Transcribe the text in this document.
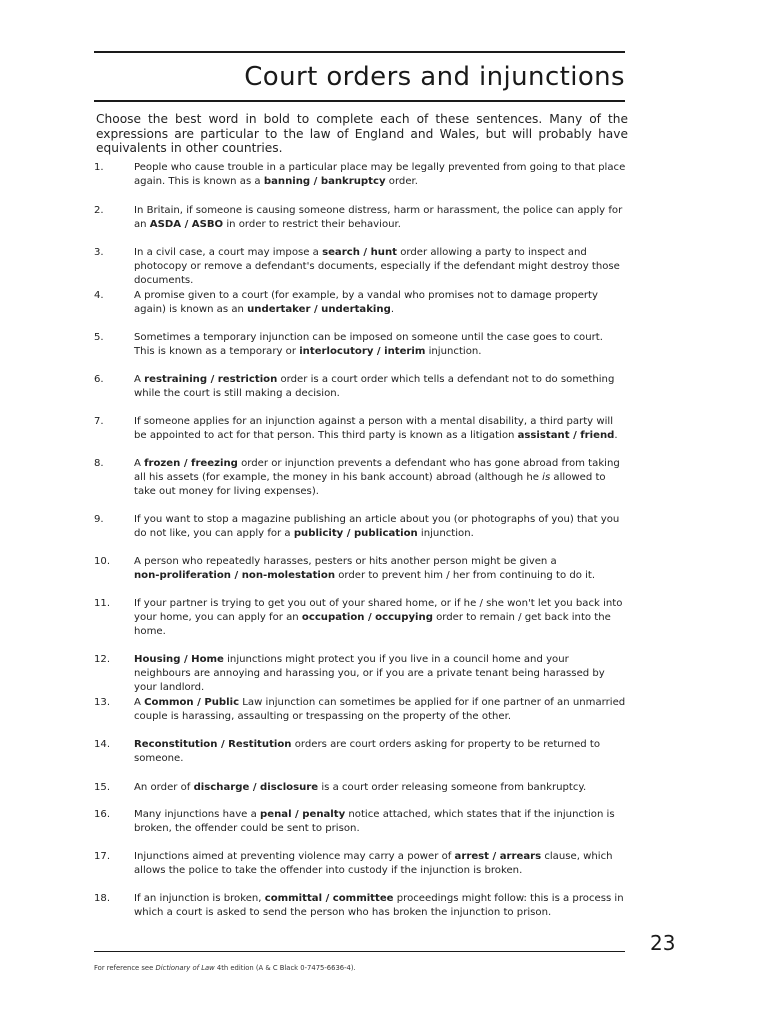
Court orders and injunctions

Choose the best word in bold to complete each of these sentences. Many of the expressions are particular to the law of England and Wales, but will probably have equivalents in other countries.

1.	People who cause trouble in a particular place may be legally prevented from going to that place again. This is known as a banning / bankruptcy order.
2.	In Britain, if someone is causing someone distress, harm or harassment, the police can apply for an ASDA / ASBO in order to restrict their behaviour.
3.	In a civil case, a court may impose a search / hunt order allowing a party to inspect and photocopy or remove a defendant's documents, especially if the defendant might destroy those documents.
4.	A promise given to a court (for example, by a vandal who promises not to damage property again) is known as an undertaker / undertaking.
5.	Sometimes a temporary injunction can be imposed on someone until the case goes to court. This is known as a temporary or interlocutory / interim injunction.
6.	A restraining / restriction order is a court order which tells a defendant not to do something while the court is still making a decision.
7.	If someone applies for an injunction against a person with a mental disability, a third party will be appointed to act for that person. This third party is known as a litigation assistant / friend.
8.	A frozen / freezing order or injunction prevents a defendant who has gone abroad from taking all his assets (for example, the money in his bank account) abroad (although he is allowed to take out money for living expenses).
9.	If you want to stop a magazine publishing an article about you (or photographs of you) that you do not like, you can apply for a publicity / publication injunction.
10. A person who repeatedly harasses, pesters or hits another person might be given a
non-proliferation / non-molestation order to prevent him / her from continuing to do it.
11. If your partner is trying to get you out of your shared home, or if he / she won't let you back into your home, you can apply for an occupation / occupying order to remain / get back into the home.
12. Housing / Home injunctions might protect you if you live in a council home and your neighbours are annoying and harassing you, or if you are a private tenant being harassed by your landlord.
13. A Common / Public Law injunction can sometimes be applied for if one partner of an unmarried couple is harassing, assaulting or trespassing on the property of the other.
14. Reconstitution / Restitution orders are court orders asking for property to be returned to someone.
15. An order of discharge / disclosure is a court order releasing someone from bankruptcy.
16. Many injunctions have a penal / penalty notice attached, which states that if the injunction is broken, the offender could be sent to prison.
17. Injunctions aimed at preventing violence may carry a power of arrest / arrears clause, which allows the police to take the offender into custody if the injunction is broken.
18. If an injunction is broken, committal / committee proceedings might follow: this is a process in which a court is asked to send the person who has broken the injunction to prison.
23
For reference see Dictionary of Law 4th edition (A & C Black 0-7475-6636-4).
